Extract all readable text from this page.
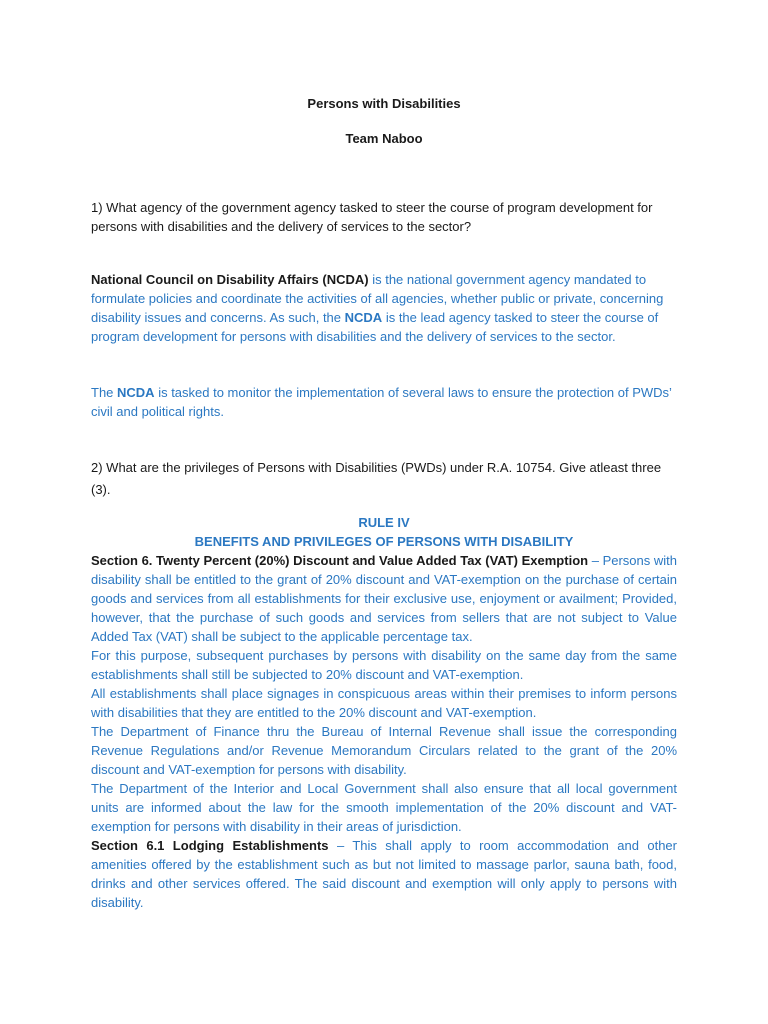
Persons with Disabilities
Team Naboo

1) What agency of the government agency tasked to steer the course of program development for persons with disabilities and the delivery of services to the sector?

National Council on Disability Affairs (NCDA) is the national government agency mandated to formulate policies and coordinate the activities of all agencies, whether public or private, concerning disability issues and concerns. As such, the NCDA is the lead agency tasked to steer the course of program development for persons with disabilities and the delivery of services to the sector.

The NCDA is tasked to monitor the implementation of several laws to ensure the protection of PWDs’ civil and political rights.

2) What are the privileges of Persons with Disabilities (PWDs) under R.A. 10754. Give atleast three (3).

RULE IV
BENEFITS AND PRIVILEGES OF PERSONS WITH DISABILITY

Section 6. Twenty Percent (20%) Discount and Value Added Tax (VAT) Exemption – Persons with disability shall be entitled to the grant of 20% discount and VAT-exemption on the purchase of certain goods and services from all establishments for their exclusive use, enjoyment or availment; Provided, however, that the purchase of such goods and services from sellers that are not subject to Value Added Tax (VAT) shall be subject to the applicable percentage tax.

For this purpose, subsequent purchases by persons with disability on the same day from the same establishments shall still be subjected to 20% discount and VAT-exemption.

All establishments shall place signages in conspicuous areas within their premises to inform persons with disabilities that they are entitled to the 20% discount and VAT-exemption.

The Department of Finance thru the Bureau of Internal Revenue shall issue the corresponding Revenue Regulations and/or Revenue Memorandum Circulars related to the grant of the 20% discount and VAT-exemption for persons with disability.

The Department of the Interior and Local Government shall also ensure that all local government units are informed about the law for the smooth implementation of the 20% discount and VAT-exemption for persons with disability in their areas of jurisdiction.

Section 6.1 Lodging Establishments – This shall apply to room accommodation and other amenities offered by the establishment such as but not limited to massage parlor, sauna bath, food, drinks and other services offered. The said discount and exemption will only apply to persons with disability.
